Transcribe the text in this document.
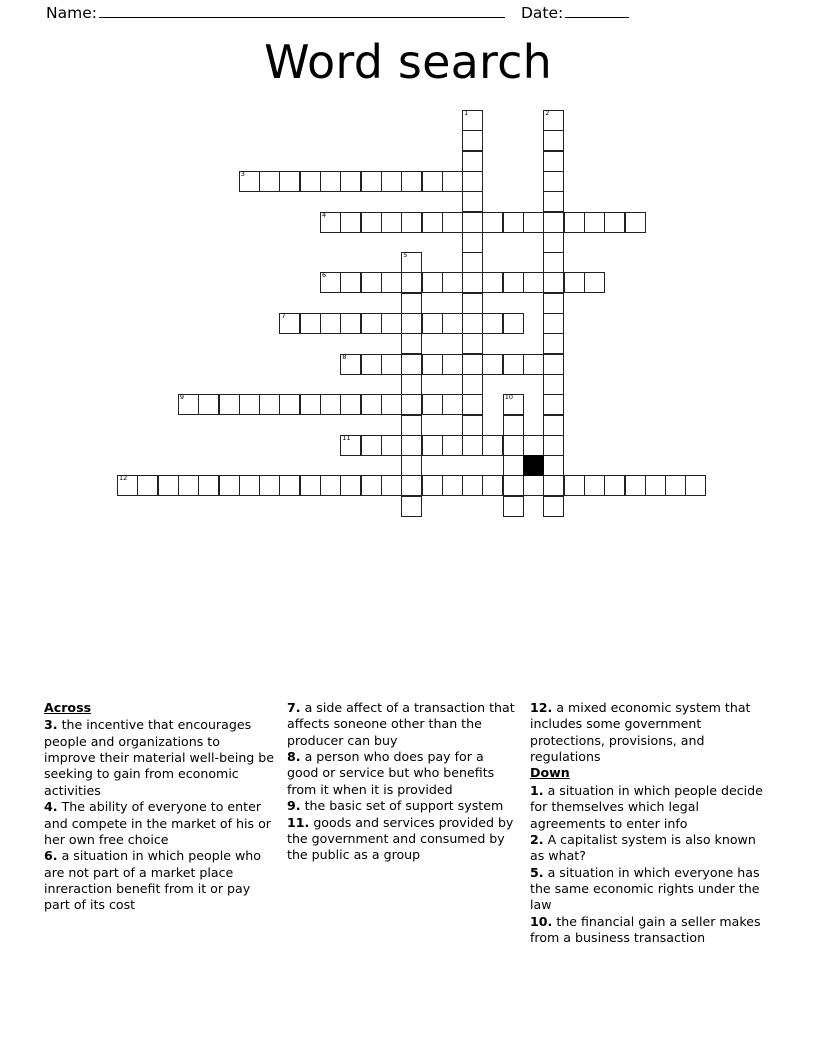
Name:	Date:
Word search
1	2
3
4
5
6
7
8
9	10
11
12
Across
3. the incentive that encourages people and organizations to improve their material well-being be seeking to gain from economic activities
4. The ability of everyone to enter and compete in the market of his or her own free choice
6. a situation in which people who are not part of a market place inreraction benefit from it or pay part of its cost
7. a side affect of a transaction that affects soneone other than the producer can buy
8. a person who does pay for a good or service but who benefits from it when it is provided
9. the basic set of support system
11. goods and services provided by the government and consumed by the public as a group
12. a mixed economic system that includes some government protections, provisions, and regulations
Down
1. a situation in which people decide for themselves which legal agreements to enter info
2. A capitalist system is also known as what?
5. a situation in which everyone has the same economic rights under the law
10. the financial gain a seller makes from a business transaction
